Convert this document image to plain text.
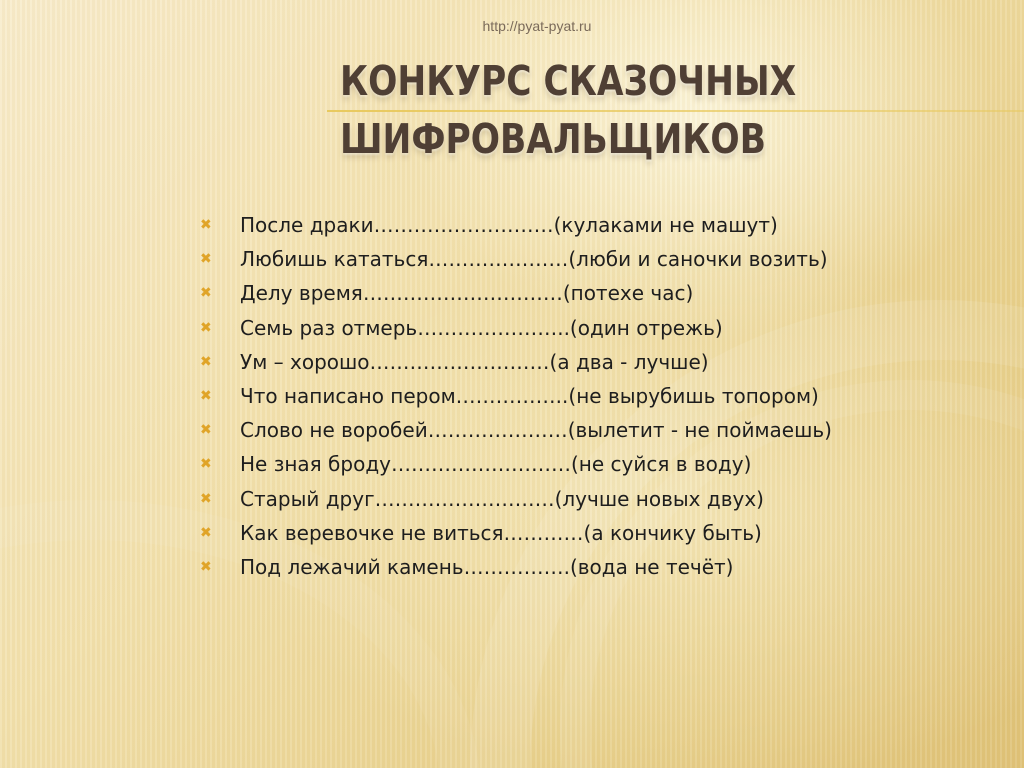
http://pyat-pyat.ru
КОНКУРС СКАЗОЧНЫХ
ШИФРОВАЛЬЩИКОВ
✖	После драки………………………(кулаками не машут)
✖	Любишь кататься…………………(люби и саночки возить)
✖	Делу время…………………………(потехе час)
✖	Семь раз отмерь…………………..(один отрежь)
✖	Ум – хорошо………………………(а два - лучше)
✖	Что написано пером……………..(не вырубишь топором)
✖	Слово не воробей…………………(вылетит - не поймаешь)
✖	Не зная броду………………………(не суйся в воду)
✖	Старый друг………………………(лучше новых двух)
✖	Как веревочке не виться…………(а кончику быть)
✖	Под лежачий камень…………….(вода не течёт)
